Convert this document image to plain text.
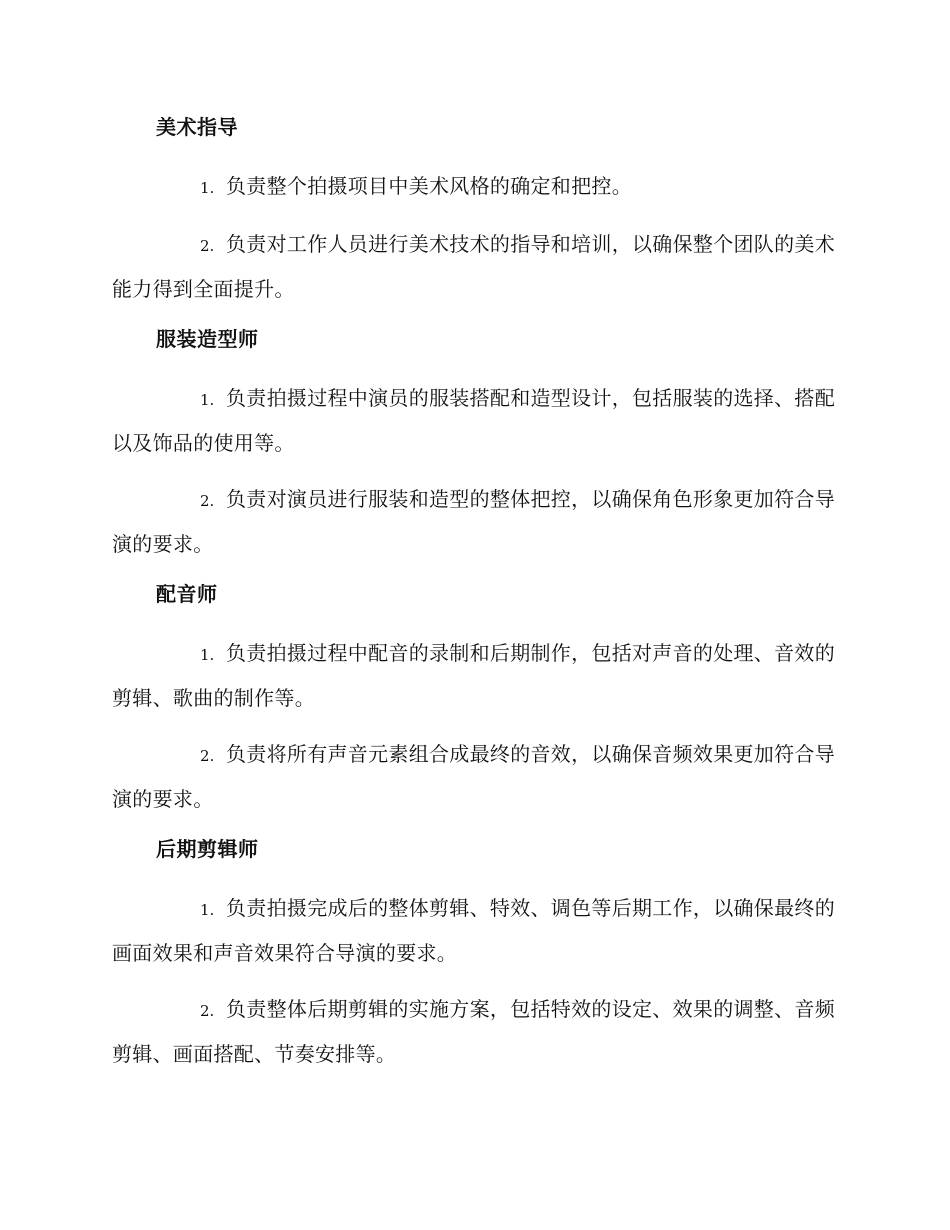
美术指导

1. 负责整个拍摄项目中美术风格的确定和把控。

2. 负责对工作人员进行美术技术的指导和培训，以确保整个团队的美术能力得到全面提升。

服装造型师

1. 负责拍摄过程中演员的服装搭配和造型设计，包括服装的选择、搭配以及饰品的使用等。

2. 负责对演员进行服装和造型的整体把控，以确保角色形象更加符合导演的要求。

配音师

1. 负责拍摄过程中配音的录制和后期制作，包括对声音的处理、音效的剪辑、歌曲的制作等。

2. 负责将所有声音元素组合成最终的音效，以确保音频效果更加符合导演的要求。

后期剪辑师

1. 负责拍摄完成后的整体剪辑、特效、调色等后期工作，以确保最终的画面效果和声音效果符合导演的要求。

2. 负责整体后期剪辑的实施方案，包括特效的设定、效果的调整、音频剪辑、画面搭配、节奏安排等。
